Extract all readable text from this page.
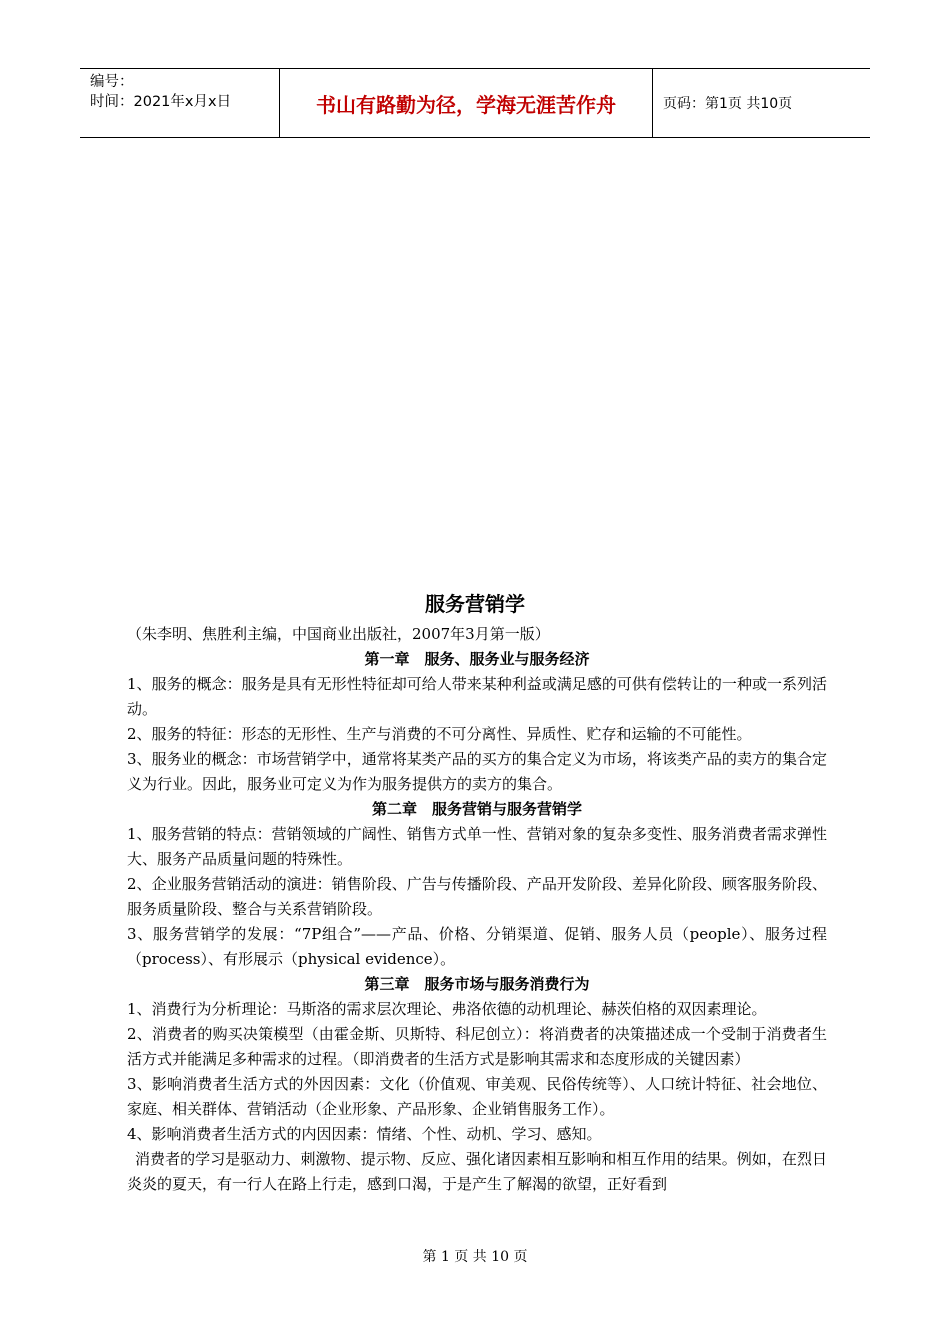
编号：
时间：2021年x月x日	书山有路勤为径，学海无涯苦作舟	页码：第1页 共10页
服务营销学

（朱李明、焦胜利主编，中国商业出版社，2007年3月第一版）

第一章　服务、服务业与服务经济

1、服务的概念：服务是具有无形性特征却可给人带来某种利益或满足感的可供有偿转让的一种或一系列活动。

2、服务的特征：形态的无形性、生产与消费的不可分离性、异质性、贮存和运输的不可能性。

3、服务业的概念：市场营销学中，通常将某类产品的买方的集合定义为市场，将该类产品的卖方的集合定义为行业。因此，服务业可定义为作为服务提供方的卖方的集合。

第二章　服务营销与服务营销学

1、服务营销的特点：营销领域的广阔性、销售方式单一性、营销对象的复杂多变性、服务消费者需求弹性大、服务产品质量问题的特殊性。

2、企业服务营销活动的演进：销售阶段、广告与传播阶段、产品开发阶段、差异化阶段、顾客服务阶段、服务质量阶段、整合与关系营销阶段。

3、服务营销学的发展：“7P组合”——产品、价格、分销渠道、促销、服务人员（people）、服务过程（process）、有形展示（physical evidence）。

第三章　服务市场与服务消费行为

1、消费行为分析理论：马斯洛的需求层次理论、弗洛依德的动机理论、赫茨伯格的双因素理论。

2、消费者的购买决策模型（由霍金斯、贝斯特、科尼创立）：将消费者的决策描述成一个受制于消费者生活方式并能满足多种需求的过程。（即消费者的生活方式是影响其需求和态度形成的关键因素）

3、影响消费者生活方式的外因因素：文化（价值观、审美观、民俗传统等）、人口统计特征、社会地位、家庭、相关群体、营销活动（企业形象、产品形象、企业销售服务工作）。

4、影响消费者生活方式的内因因素：情绪、个性、动机、学习、感知。

消费者的学习是驱动力、刺激物、提示物、反应、强化诸因素相互影响和相互作用的结果。例如，在烈日炎炎的夏天，有一行人在路上行走，感到口渴，于是产生了解渴的欲望，正好看到

第 1 页 共 10 页
